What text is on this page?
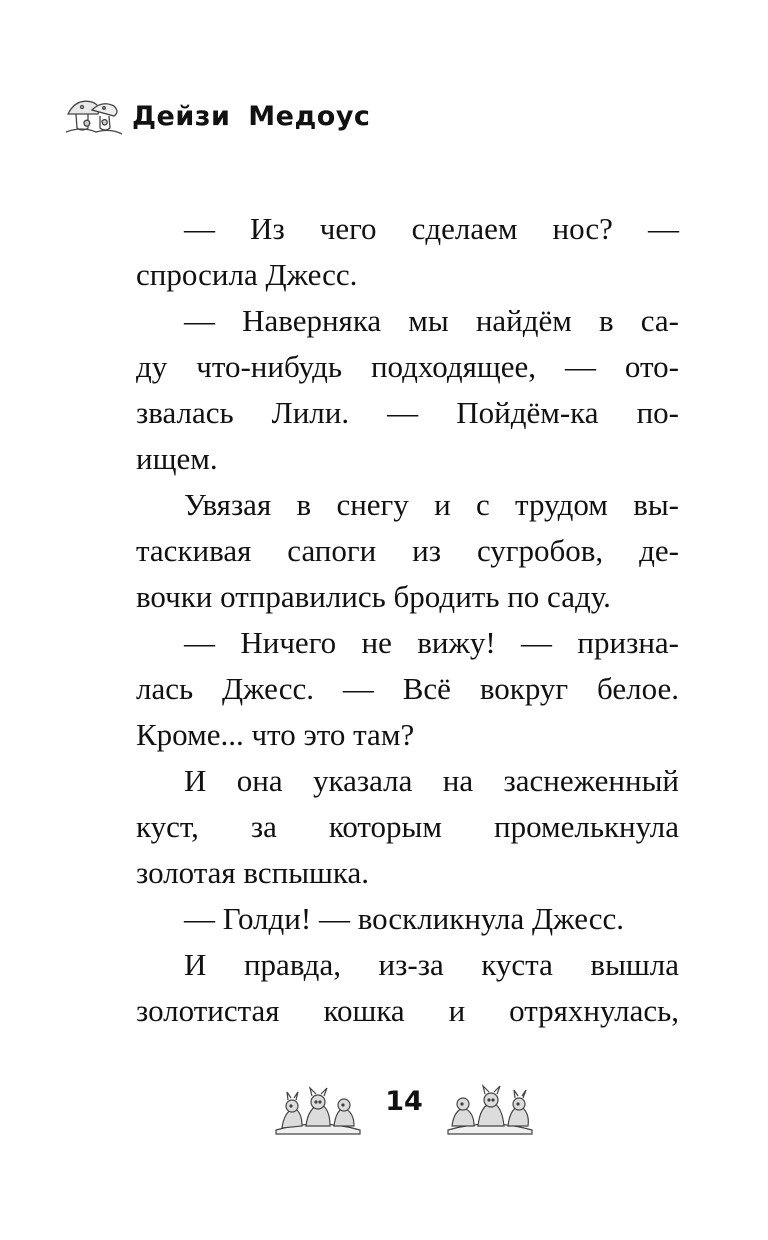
Дейзи Медоус
— Из чего сделаем нос? —
спросила Джесс.
— Наверняка мы найдём в са-
ду что-нибудь подходящее, — ото-
звалась Лили. — Пойдём-ка по-
ищем.
Увязая в снегу и с трудом вы-
таскивая сапоги из сугробов, де-
вочки отправились бродить по саду.
— Ничего не вижу! — призна-
лась Джесс. — Всё вокруг белое.
Кроме... что это там?
И она указала на заснеженный
куст, за которым промелькнула
золотая вспышка.
— Голди! — воскликнула Джесс.
И правда, из-за куста вышла
золотистая кошка и отряхнулась,
14
